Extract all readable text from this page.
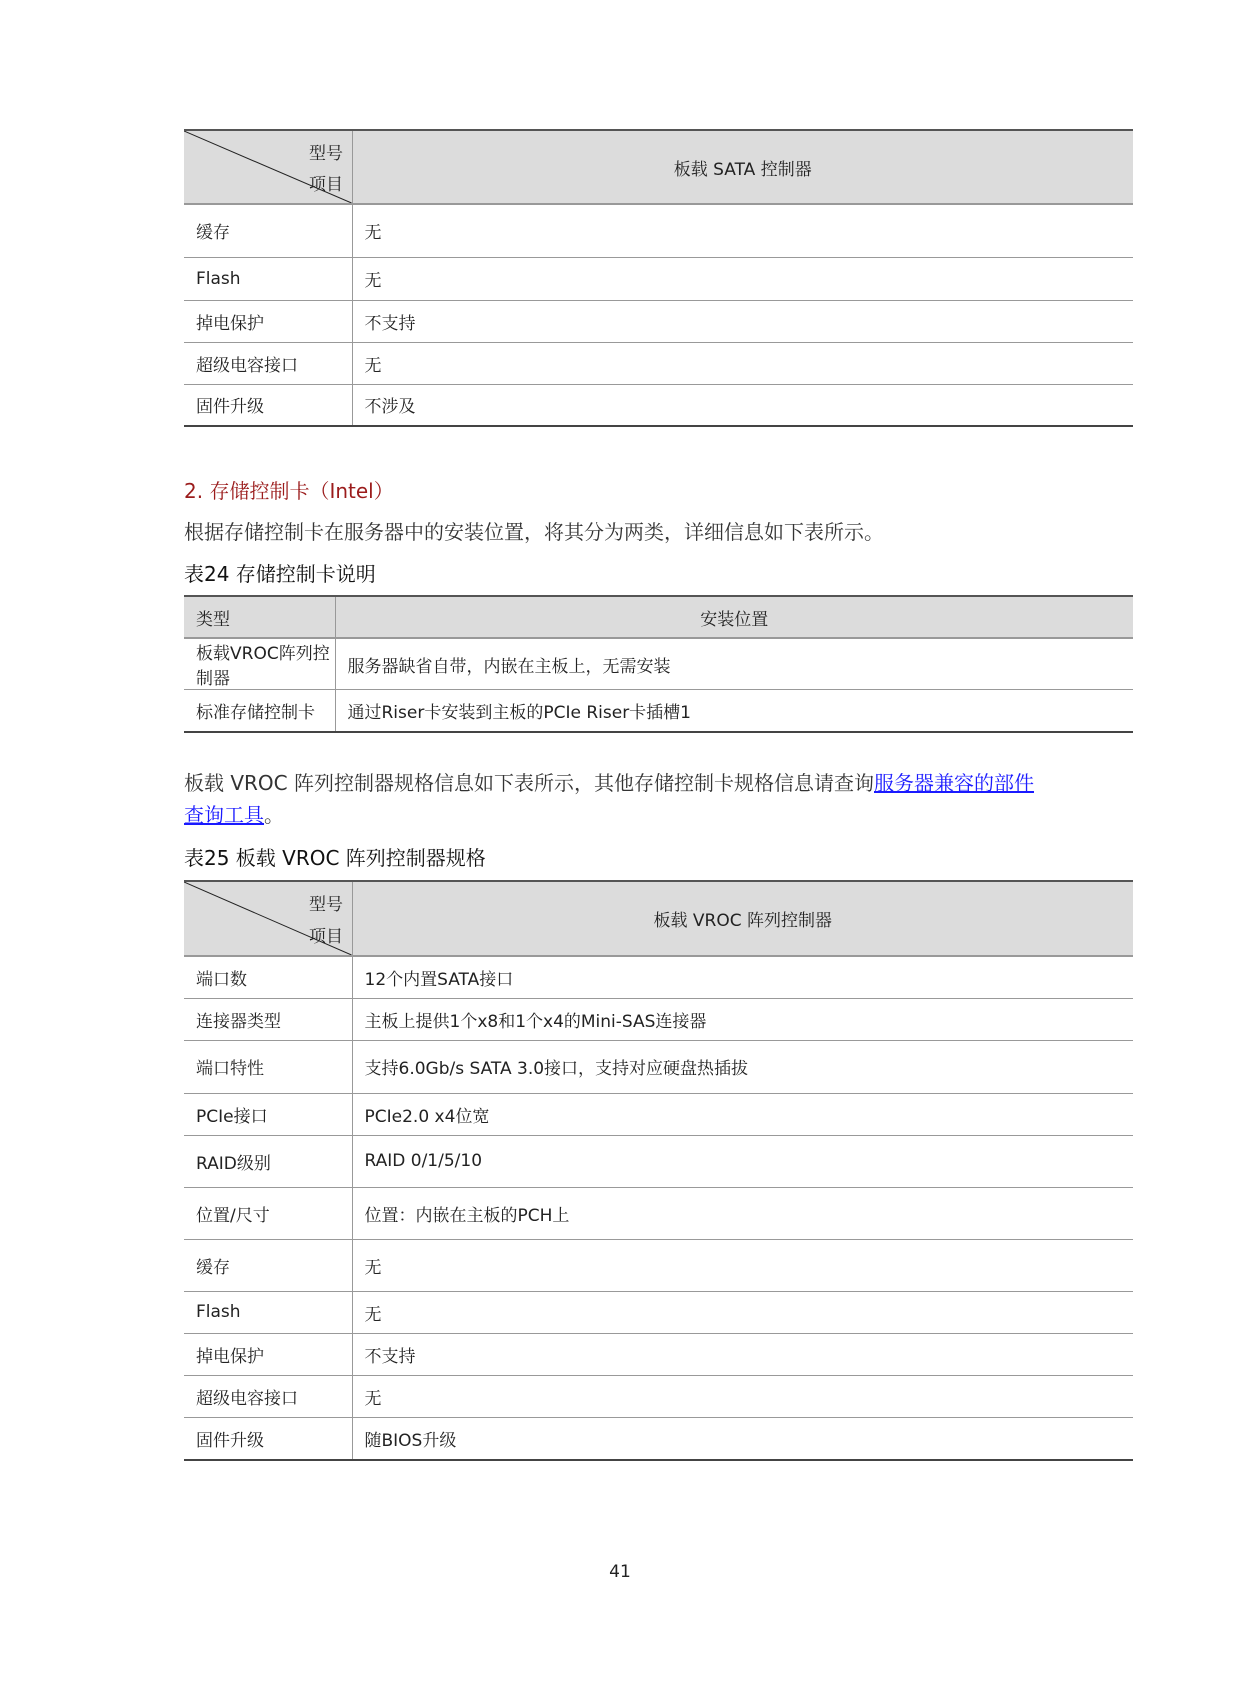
型号
项目	板载 SATA 控制器
缓存	无
Flash	无
掉电保护	不支持
超级电容接口	无
固件升级	不涉及
2. 存储控制卡（Intel）
根据存储控制卡在服务器中的安装位置，将其分为两类，详细信息如下表所示。
表24 存储控制卡说明
类型	安装位置
板载VROC阵列控制器	服务器缺省自带，内嵌在主板上，无需安装
标准存储控制卡	通过Riser卡安装到主板的PCIe Riser卡插槽1
板载 VROC 阵列控制器规格信息如下表所示，其他存储控制卡规格信息请查询服务器兼容的部件
查询工具。
表25 板载 VROC 阵列控制器规格
型号
项目	板载 VROC 阵列控制器
端口数	12个内置SATA接口
连接器类型	主板上提供1个x8和1个x4的Mini-SAS连接器
端口特性	支持6.0Gb/s SATA 3.0接口，支持对应硬盘热插拔
PCIe接口	PCIe2.0 x4位宽
RAID级别	RAID 0/1/5/10
位置/尺寸	位置：内嵌在主板的PCH上
缓存	无
Flash	无
掉电保护	不支持
超级电容接口	无
固件升级	随BIOS升级
41
